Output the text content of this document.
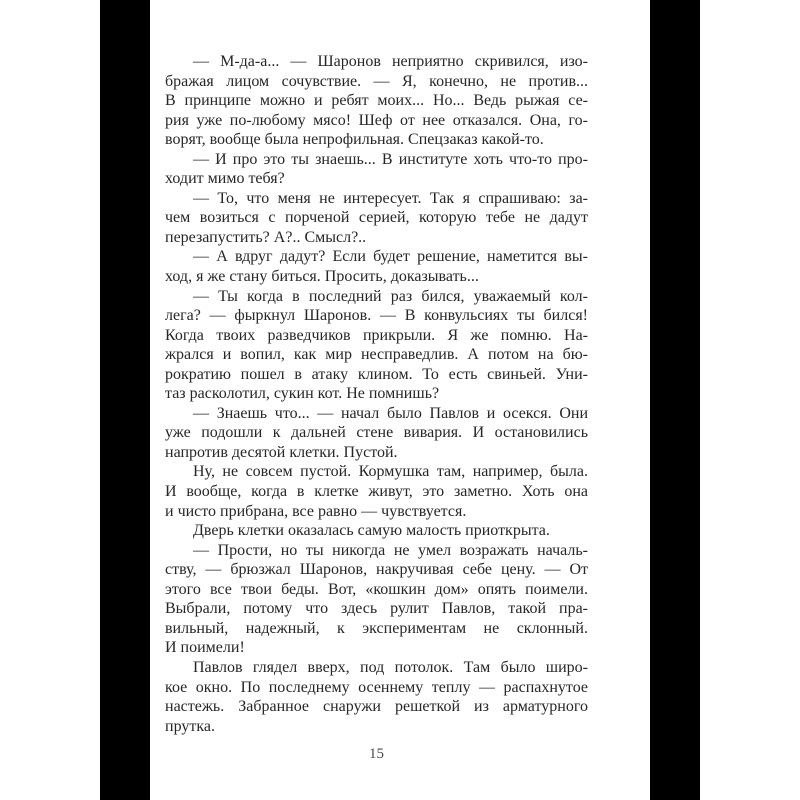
— М-да-а... — Шаронов неприятно скривился, изо-
бражая лицом сочувствие. — Я, конечно, не против...
В принципе можно и ребят моих... Но... Ведь рыжая се-
рия уже по-любому мясо! Шеф от нее отказался. Она, го-
ворят, вообще была непрофильная. Спецзаказ какой-то.
— И про это ты знаешь... В институте хоть что-то про-
ходит мимо тебя?
— То, что меня не интересует. Так я спрашиваю: за-
чем возиться с порченой серией, которую тебе не дадут
перезапустить? А?.. Смысл?..
— А вдруг дадут? Если будет решение, наметится вы-
ход, я же стану биться. Просить, доказывать...
— Ты когда в последний раз бился, уважаемый кол-
лега? — фыркнул Шаронов. — В конвульсиях ты бился!
Когда твоих разведчиков прикрыли. Я же помню. На-
жрался и вопил, как мир несправедлив. А потом на бю-
рократию пошел в атаку клином. То есть свиньей. Уни-
таз расколотил, сукин кот. Не помнишь?
— Знаешь что... — начал было Павлов и осекся. Они
уже подошли к дальней стене вивария. И остановились
напротив десятой клетки. Пустой.
Ну, не совсем пустой. Кормушка там, например, была.
И вообще, когда в клетке живут, это заметно. Хоть она
и чисто прибрана, все равно — чувствуется.
Дверь клетки оказалась самую малость приоткрыта.
— Прости, но ты никогда не умел возражать началь-
ству, — брюзжал Шаронов, накручивая себе цену. — От
этого все твои беды. Вот, «кошкин дом» опять поимели.
Выбрали, потому что здесь рулит Павлов, такой пра-
вильный, надежный, к экспериментам не склонный.
И поимели!
Павлов глядел вверх, под потолок. Там было широ-
кое окно. По последнему осеннему теплу — распахнутое
настежь. Забранное снаружи решеткой из арматурного
прутка.
15
